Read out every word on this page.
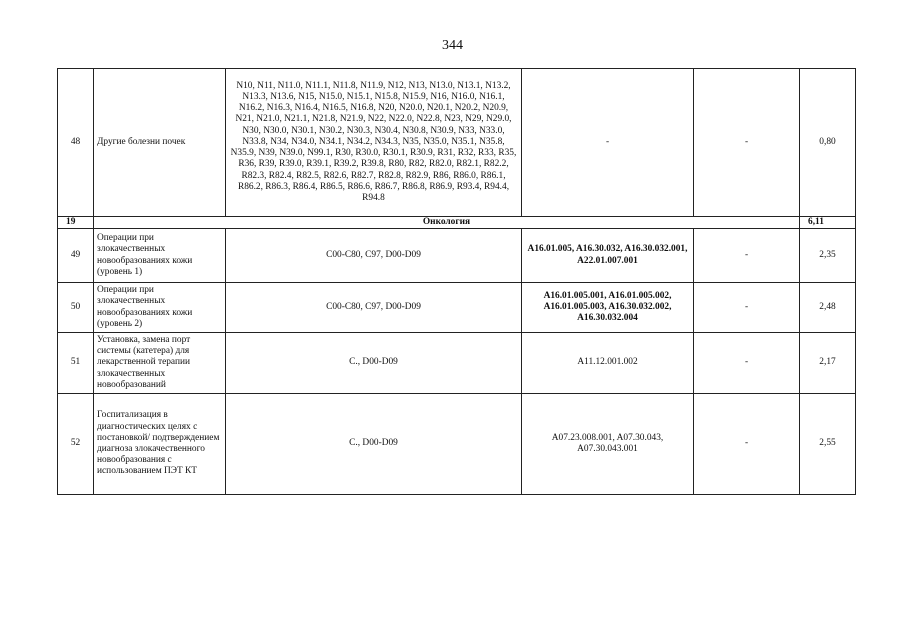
344
48	Другие болезни почек	N10, N11, N11.0, N11.1, N11.8, N11.9, N12, N13, N13.0, N13.1, N13.2, N13.3, N13.6, N15, N15.0, N15.1, N15.8, N15.9, N16, N16.0, N16.1, N16.2, N16.3, N16.4, N16.5, N16.8, N20, N20.0, N20.1, N20.2, N20.9, N21, N21.0, N21.1, N21.8, N21.9, N22, N22.0, N22.8, N23, N29, N29.0, N30, N30.0, N30.1, N30.2, N30.3, N30.4, N30.8, N30.9, N33, N33.0, N33.8, N34, N34.0, N34.1, N34.2, N34.3, N35, N35.0, N35.1, N35.8, N35.9, N39, N39.0, N99.1, R30, R30.0, R30.1, R30.9, R31, R32, R33, R35, R36, R39, R39.0, R39.1, R39.2, R39.8, R80, R82, R82.0, R82.1, R82.2, R82.3, R82.4, R82.5, R82.6, R82.7, R82.8, R82.9, R86, R86.0, R86.1, R86.2, R86.3, R86.4, R86.5, R86.6, R86.7, R86.8, R86.9, R93.4, R94.4, R94.8	-	-	0,80
19	Онкология				6,11
49	Операции при злокачественных новообразованиях кожи (уровень 1)	C00-C80, C97, D00-D09	A16.01.005, A16.30.032, A16.30.032.001, A22.01.007.001	-	2,35
50	Операции при злокачественных новообразованиях кожи (уровень 2)	C00-C80, C97, D00-D09	A16.01.005.001, A16.01.005.002, A16.01.005.003, A16.30.032.002, A16.30.032.004	-	2,48
51	Установка, замена порт системы (катетера) для лекарственной терапии злокачественных новообразований	C., D00-D09	A11.12.001.002	-	2,17
52	Госпитализация в диагностических целях с постановкой/ подтверждением диагноза злокачественного новообразования с использованием ПЭТ КТ	C., D00-D09	A07.23.008.001, A07.30.043, A07.30.043.001	-	2,55
